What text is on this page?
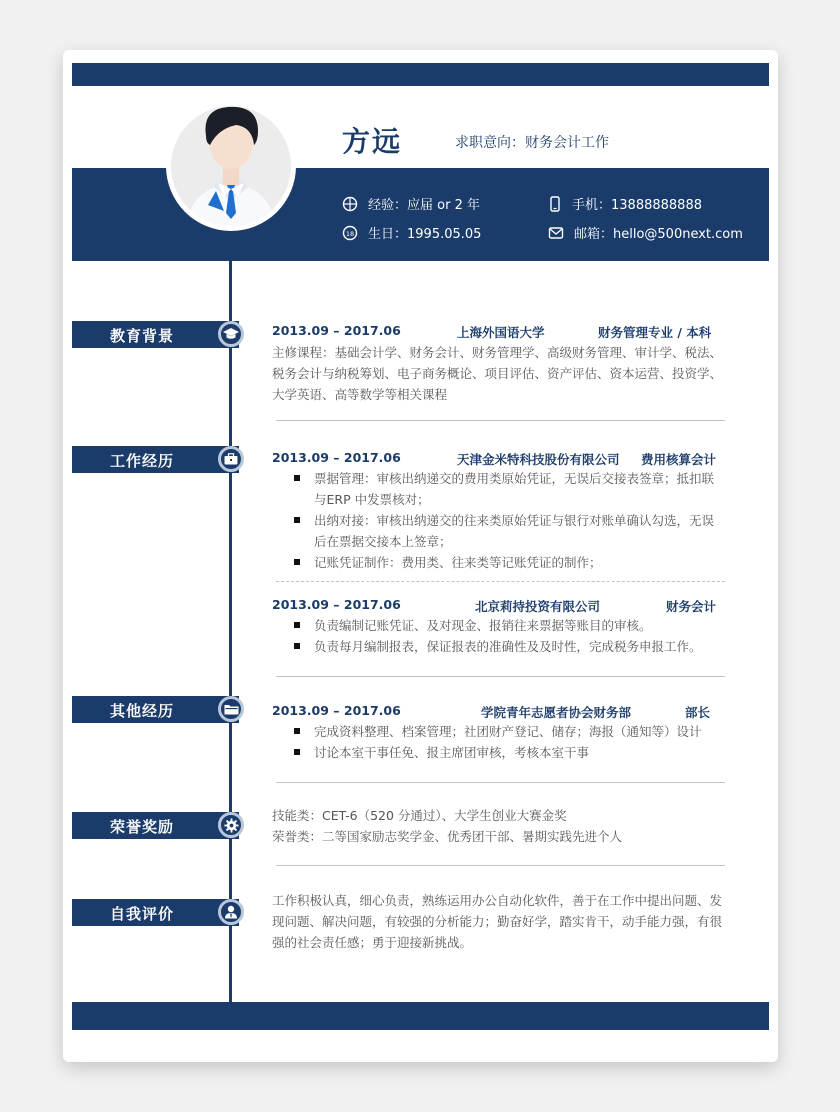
方远	求职意向：财务会计工作
经验：应届 or 2 年
18 生日：1995.05.05
手机：13888888888
邮箱：hello@500next.com
教育背景	2013.09 – 2017.06	上海外国语大学	财务管理专业 / 本科
主修课程：基础会计学、财务会计、财务管理学、高级财务管理、审计学、税法、税务会计与纳税筹划、电子商务概论、项目评估、资产评估、资本运营、投资学、大学英语、高等数学等相关课程
工作经历	2013.09 – 2017.06	天津金米特科技股份有限公司 费用核算会计
票据管理：审核出纳递交的费用类原始凭证，无误后交接表签章；抵扣联与ERP 中发票核对；
出纳对接：审核出纳递交的往来类原始凭证与银行对账单确认勾选，无误后在票据交接本上签章；
记账凭证制作：费用类、往来类等记账凭证的制作；
2013.09 – 2017.06	北京莉持投资有限公司	财务会计
负责编制记账凭证、及对现金、报销往来票据等账目的审核。
负责每月编制报表，保证报表的准确性及及时性，完成税务申报工作。
其他经历	2013.09 – 2017.06	学院青年志愿者协会财务部	部长
完成资料整理、档案管理；社团财产登记、储存；海报（通知等）设计
讨论本室干事任免、报主席团审核，考核本室干事
荣誉奖励
技能类：CET-6（520 分通过）、大学生创业大赛金奖
荣誉类：二等国家励志奖学金、优秀团干部、暑期实践先进个人
自我评价
工作积极认真，细心负责，熟练运用办公自动化软件，善于在工作中提出问题、发现问题、解决问题，有较强的分析能力；勤奋好学，踏实肯干，动手能力强，有很强的社会责任感；勇于迎接新挑战。
